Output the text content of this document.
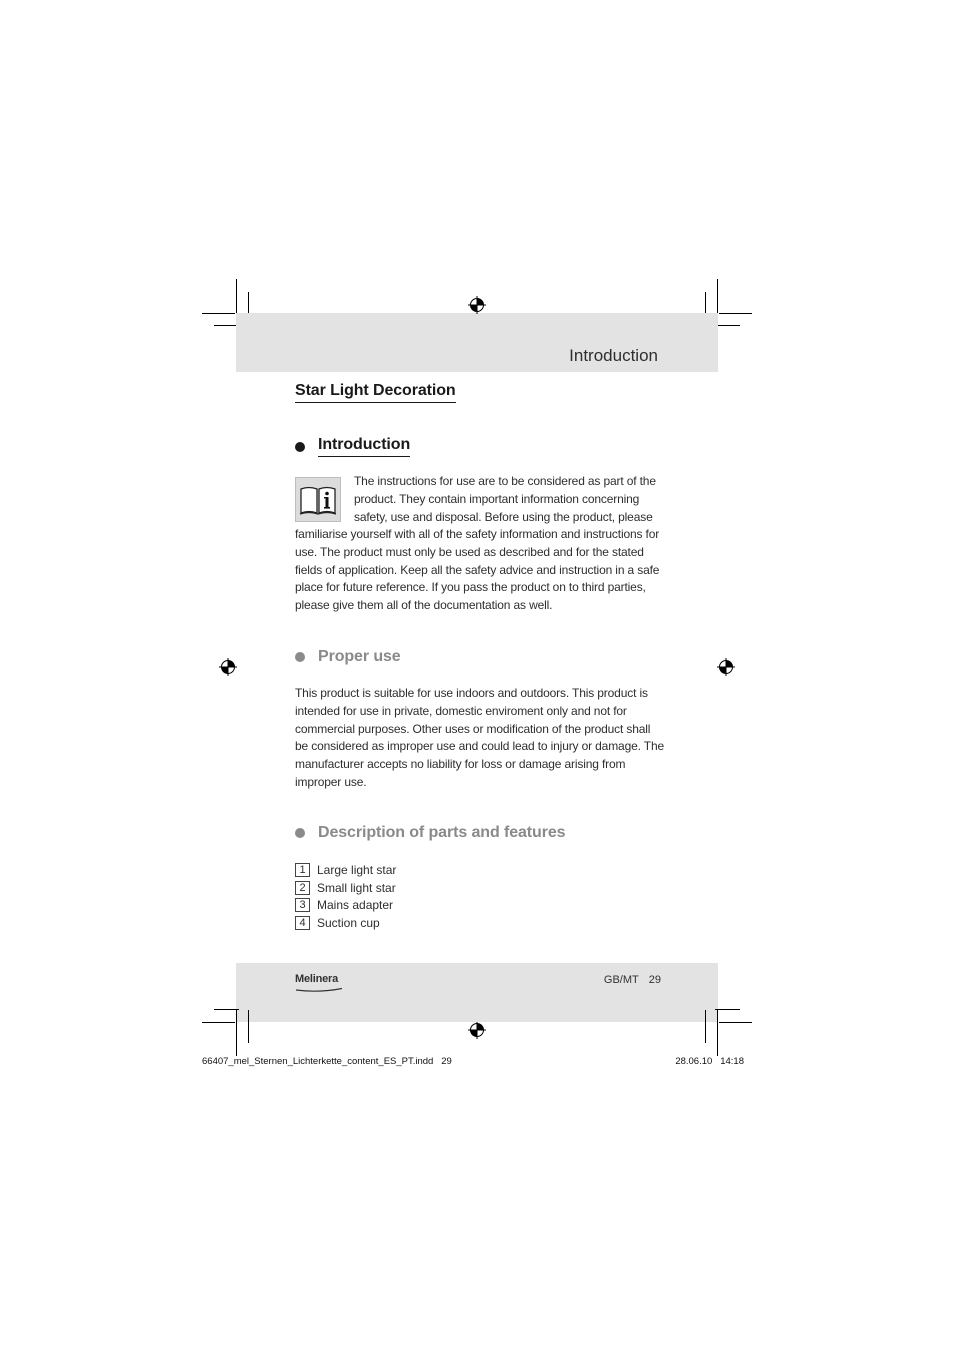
Introduction
Star Light Decoration
Introduction
The instructions for use are to be considered as part of the product. They contain important information concerning safety, use and disposal. Before using the product, please
familiarise yourself with all of the safety information and instructions for use. The product must only be used as described and for the stated fields of application. Keep all the safety advice and instruction in a safe place for future reference. If you pass the product on to third parties, please give them all of the documentation as well.
Proper use
This product is suitable for use indoors and outdoors. This product is intended for use in private, domestic enviroment only and not for commercial purposes. Other uses or modification of the product shall be considered as improper use and could lead to injury or damage. The manufacturer accepts no liability for loss or damage arising from improper use.
Description of parts and features
1 Large light star
2 Small light star
3 Mains adapter
4 Suction cup
Melinera	GB/MT 29
66407_mel_Sternen_Lichterkette_content_ES_PT.indd   29	28.06.10 14:18
